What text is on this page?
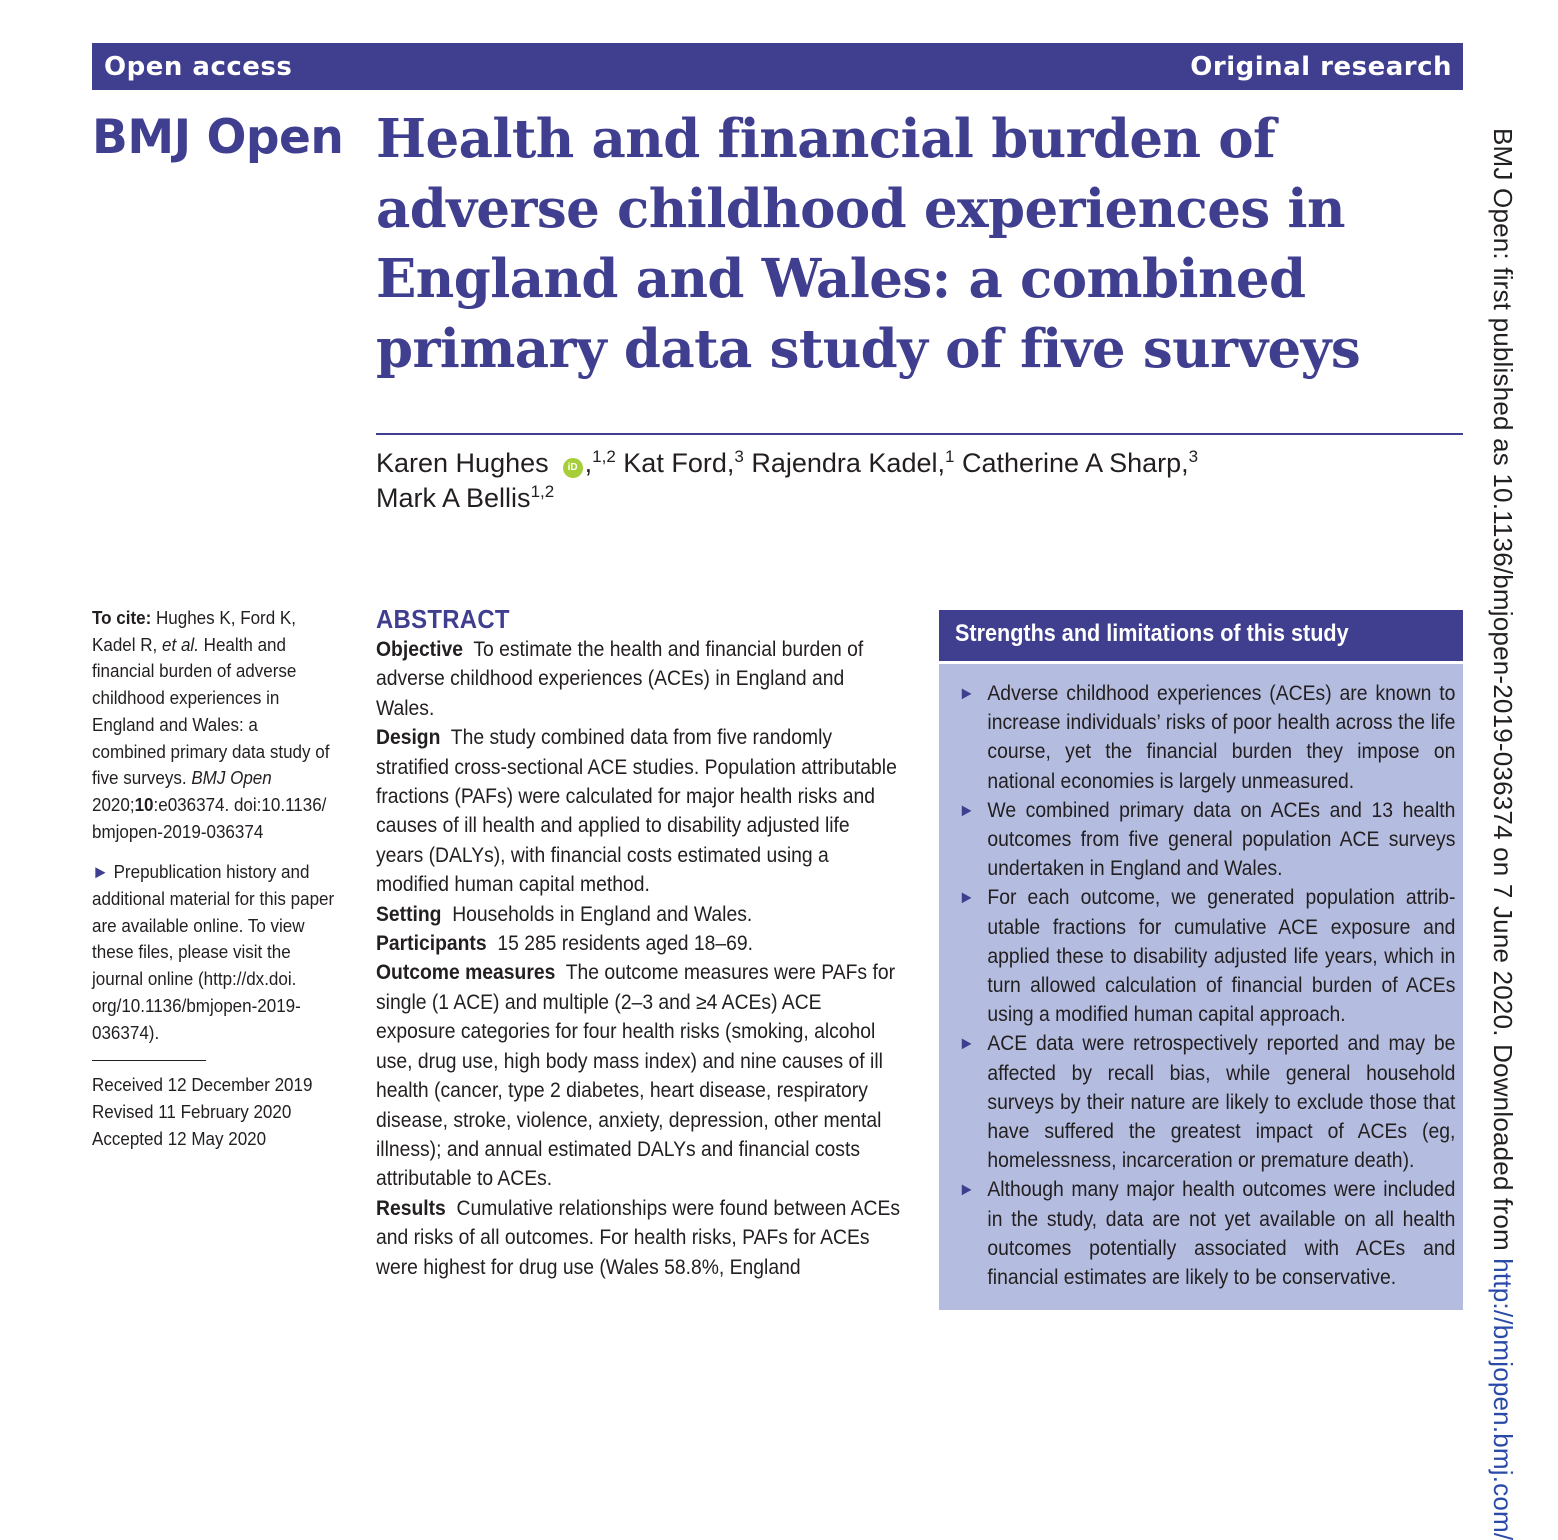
Open access	Original research
BMJ Open Health and financial burden of adverse childhood experiences in England and Wales: a combined primary data study of five surveys
Karen Hughes iD ,$^{1,2}$ Kat Ford,$^3$ Rajendra Kadel,$^1$ Catherine A Sharp,$^3$
Mark A Bellis$^{1,2}$

To cite: Hughes K, Ford K, Kadel R, et al. Health and financial burden of adverse childhood experiences in England and Wales: a combined primary data study of five surveys. BMJ Open 2020;10:e036374. doi:10.1136/ bmjopen-2019-036374

► Prepublication history and additional material for this paper are available online. To view these files, please visit the journal online (http://dx.doi. org/10.1136/bmjopen-2019- 036374).

Received 12 December 2019

Revised 11 February 2020

Accepted 12 May 2020

ABSTRACT

Objective To estimate the health and financial burden of adverse childhood experiences (ACEs) in England and Wales.

Design The study combined data from five randomly stratified cross-sectional ACE studies. Population attributable fractions (PAFs) were calculated for major health risks and causes of ill health and applied to disability adjusted life years (DALYs), with financial costs estimated using a modified human capital method.

Setting Households in England and Wales.

Participants 15 285 residents aged 18–69.

Outcome measures The outcome measures were PAFs for single (1 ACE) and multiple (2–3 and ≥4 ACEs) ACE exposure categories for four health risks (smoking, alcohol use, drug use, high body mass index) and nine causes of ill health (cancer, type 2 diabetes, heart disease, respiratory disease, stroke, violence, anxiety, depression, other mental illness); and annual estimated DALYs and financial costs attributable to ACEs.

Results Cumulative relationships were found between ACEs and risks of all outcomes. For health risks, PAFs for ACEs were highest for drug use (Wales 58.8%, England

Strengths and limitations of this study
► Adverse childhood experiences (ACEs) are known to increase individuals’ risks of poor health across the life course, yet the financial burden they impose on national economies is largely unmeasured.
► We combined primary data on ACEs and 13 health outcomes from five general population ACE surveys undertaken in England and Wales.
► For each outcome, we generated population attributable fractions for cumulative ACE exposure and applied these to disability adjusted life years, which in turn allowed calculation of financial burden of ACEs using a modified human capital approach.
► ACE data were retrospectively reported and may be affected by recall bias, while general household surveys by their nature are likely to exclude those that have suffered the greatest impact of ACEs (eg, homelessness, incarceration or premature death).
► Although many major health outcomes were included in the study, data are not yet available on all health outcomes potentially associated with ACEs and financial estimates are likely to be conservative.
BMJ Open: first published as 10.1136/bmjopen-2019-036374 on 7 June 2020. Downloaded from http://bmjopen.bmj.com/
